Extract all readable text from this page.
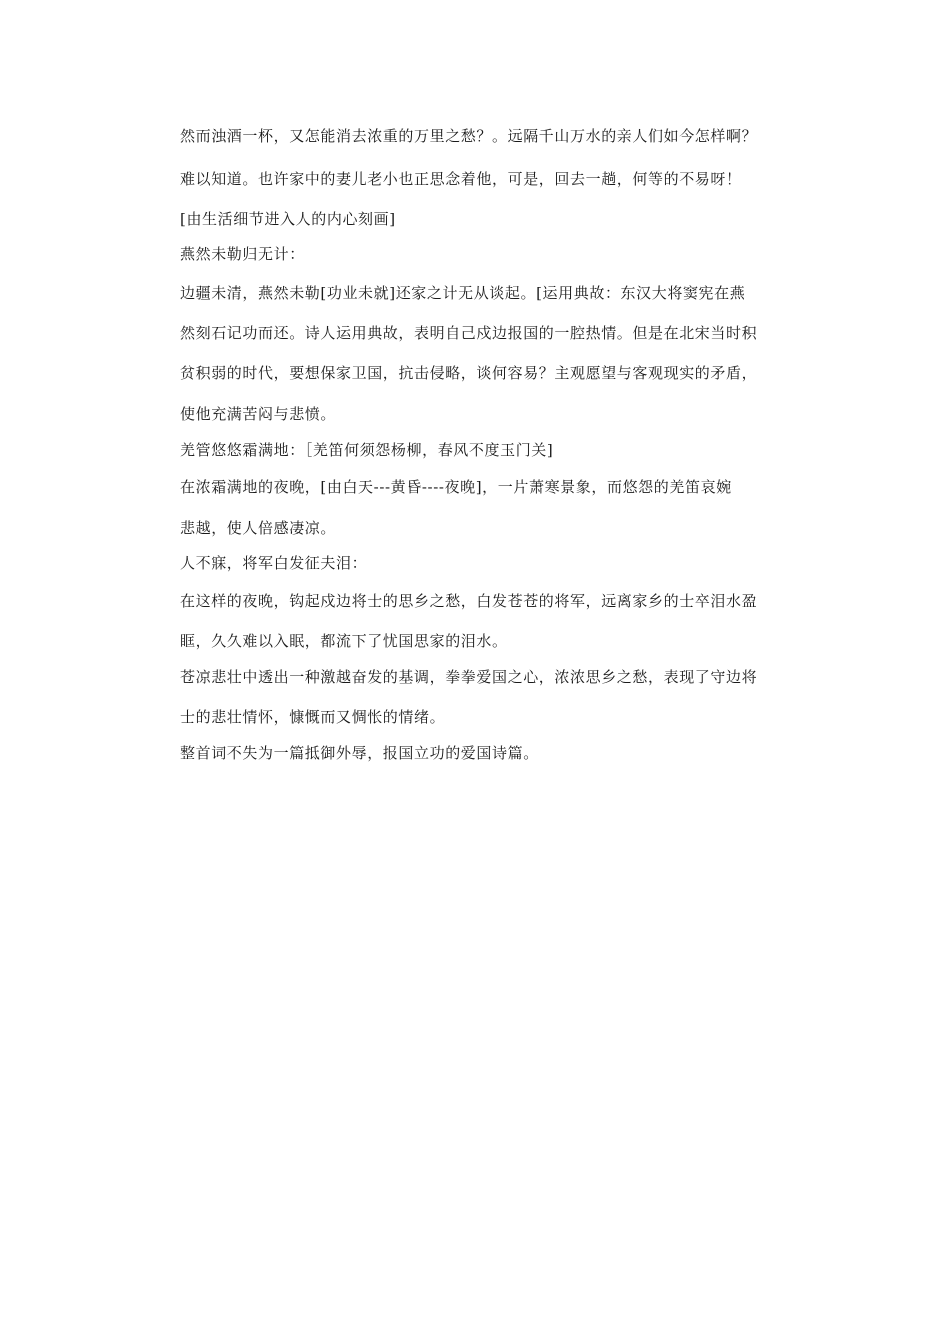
然而浊酒一杯，又怎能消去浓重的万里之愁？。远隔千山万水的亲人们如今怎样啊？
难以知道。也许家中的妻儿老小也正思念着他，可是，回去一趟，何等的不易呀！
[由生活细节进入人的内心刻画]
燕然未勒归无计：
边疆未清，燕然未勒[功业未就]还家之计无从谈起。[运用典故：东汉大将窦宪在燕
然刻石记功而还。诗人运用典故，表明自己戍边报国的一腔热情。但是在北宋当时积
贫积弱的时代，要想保家卫国，抗击侵略，谈何容易？主观愿望与客观现实的矛盾，
使他充满苦闷与悲愤。
羌管悠悠霜满地：［羌笛何须怨杨柳，春风不度玉门关]
在浓霜满地的夜晚，[由白天---黄昏----夜晚]，一片萧寒景象，而悠怨的羌笛哀婉
悲越，使人倍感凄凉。
人不寐，将军白发征夫泪：
在这样的夜晚，钩起戍边将士的思乡之愁，白发苍苍的将军，远离家乡的士卒泪水盈
眶，久久难以入眠，都流下了忧国思家的泪水。
苍凉悲壮中透出一种激越奋发的基调，拳拳爱国之心，浓浓思乡之愁，表现了守边将
士的悲壮情怀，慷慨而又惆怅的情绪。
整首词不失为一篇抵御外辱，报国立功的爱国诗篇。
